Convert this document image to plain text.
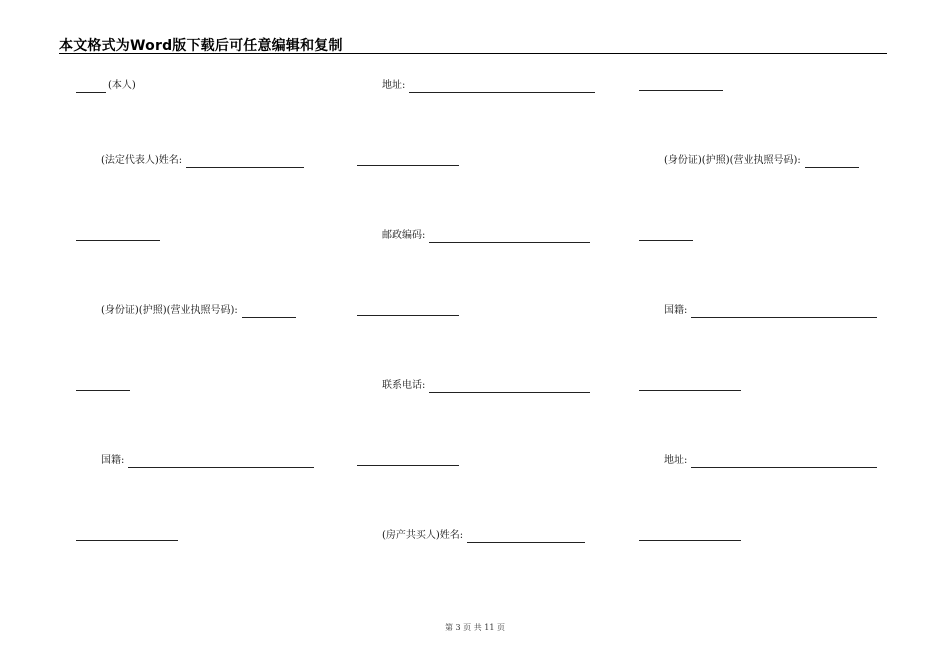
本文格式为Word版下载后可任意编辑和复制
(本人)	地址:
(法定代表人)姓名:	(身份证)(护照)(营业执照号码):
邮政编码:
(身份证)(护照)(营业执照号码):	国籍:
联系电话:
国籍:	地址:
(房产共买人)姓名:
第 3 页 共 11 页
